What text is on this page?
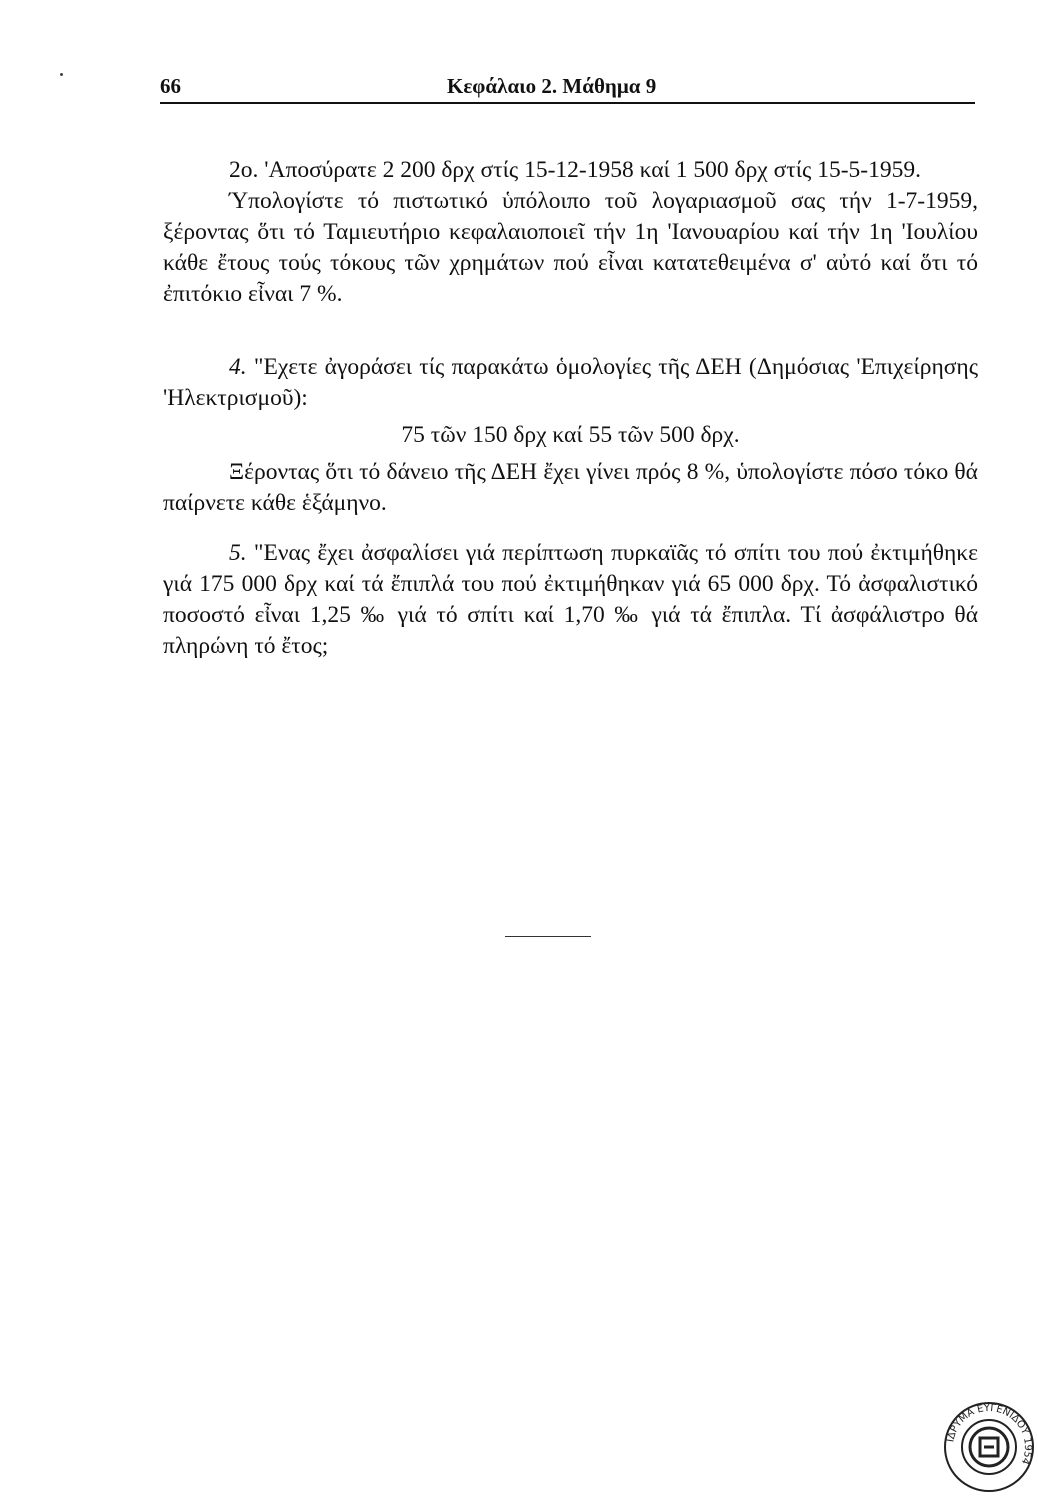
66	Κεφάλαιο 2. Μάθημα 9

2ο. 'Αποσύρατε 2 200 δρχ στίς 15-12-1958 καί 1 500 δρχ στίς 15-5-1959.

Ύπολογίστε τό πιστωτικό ὑπόλοιπο τοῦ λογαριασμοῦ σας τήν 1-7-1959, ξέροντας ὅτι τό Ταμιευτήριο κεφαλαιοποιεῖ τήν 1η 'Ιανουαρίου καί τήν 1η 'Ιουλίου κάθε ἔτους τούς τόκους τῶν χρημάτων πού εἶναι κατατεθειμένα σ' αὐτό καί ὅτι τό ἐπιτόκιο εἶναι 7 %.

4. "Εχετε ἀγοράσει τίς παρακάτω ὁμολογίες τῆς ΔΕΗ (Δημόσιας 'Επιχείρησης 'Ηλεκτρισμοῦ):

75 τῶν 150 δρχ καί 55 τῶν 500 δρχ.

Ξέροντας ὅτι τό δάνειο τῆς ΔΕΗ ἔχει γίνει πρός 8 %, ὑπολογίστε πόσο τόκο θά παίρνετε κάθε ἑξάμηνο.

5. "Ενας ἔχει ἀσφαλίσει γιά περίπτωση πυρκαϊᾶς τό σπίτι του πού ἐκτιμήθηκε γιά 175 000 δρχ καί τά ἔπιπλά του πού ἐκτιμήθηκαν γιά 65 000 δρχ. Τό ἀσφαλιστικό ποσοστό εἶναι 1,25 ‰ γιά τό σπίτι καί 1,70 ‰ γιά τά ἔπιπλα. Τί ἀσφάλιστρο θά πληρώνη τό ἔτος;

ΙΔΡΥΜΑ ΕΥΓΕΝΙΔΟΥ 1954
